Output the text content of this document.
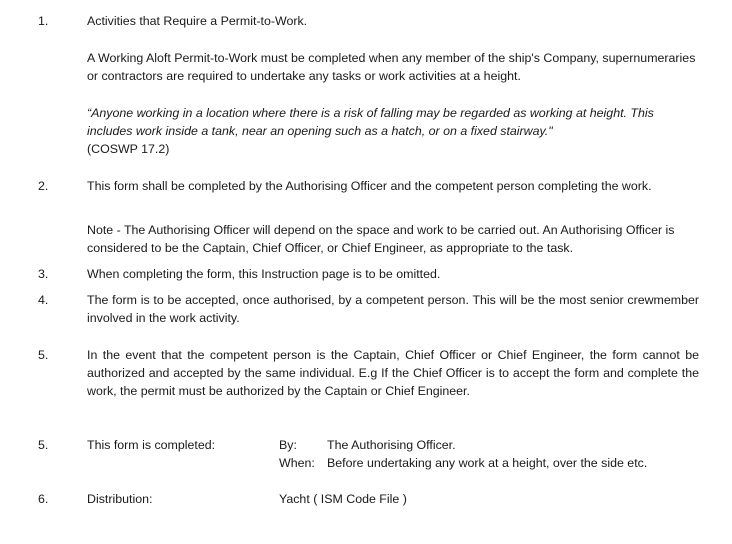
1.	Activities that Require a Permit-to-Work.
A Working Aloft Permit-to-Work must be completed when any member of the ship's Company, supernumeraries or contractors are required to undertake any tasks or work activities at a height.
“Anyone working in a location where there is a risk of falling may be regarded as working at height. This includes work inside a tank, near an opening such as a hatch, or on a fixed stairway."
(COSWP 17.2)
2.	This form shall be completed by the Authorising Officer and the competent person completing the work.
Note - The Authorising Officer will depend on the space and work to be carried out. An Authorising Officer is considered to be the Captain, Chief Officer, or Chief Engineer, as appropriate to the task.
3.	When completing the form, this Instruction page is to be omitted.
4.	The form is to be accepted, once authorised, by a competent person. This will be the most senior crewmember involved in the work activity.
5.	In the event that the competent person is the Captain, Chief Officer or Chief Engineer, the form cannot be authorized and accepted by the same individual. E.g If the Chief Officer is to accept the form and complete the work, the permit must be authorized by the Captain or Chief Engineer.
5.	This form is completed:	By: The Authorising Officer.
When: Before undertaking any work at a height, over the side etc.
6.	Distribution:	Yacht ( ISM Code File )
